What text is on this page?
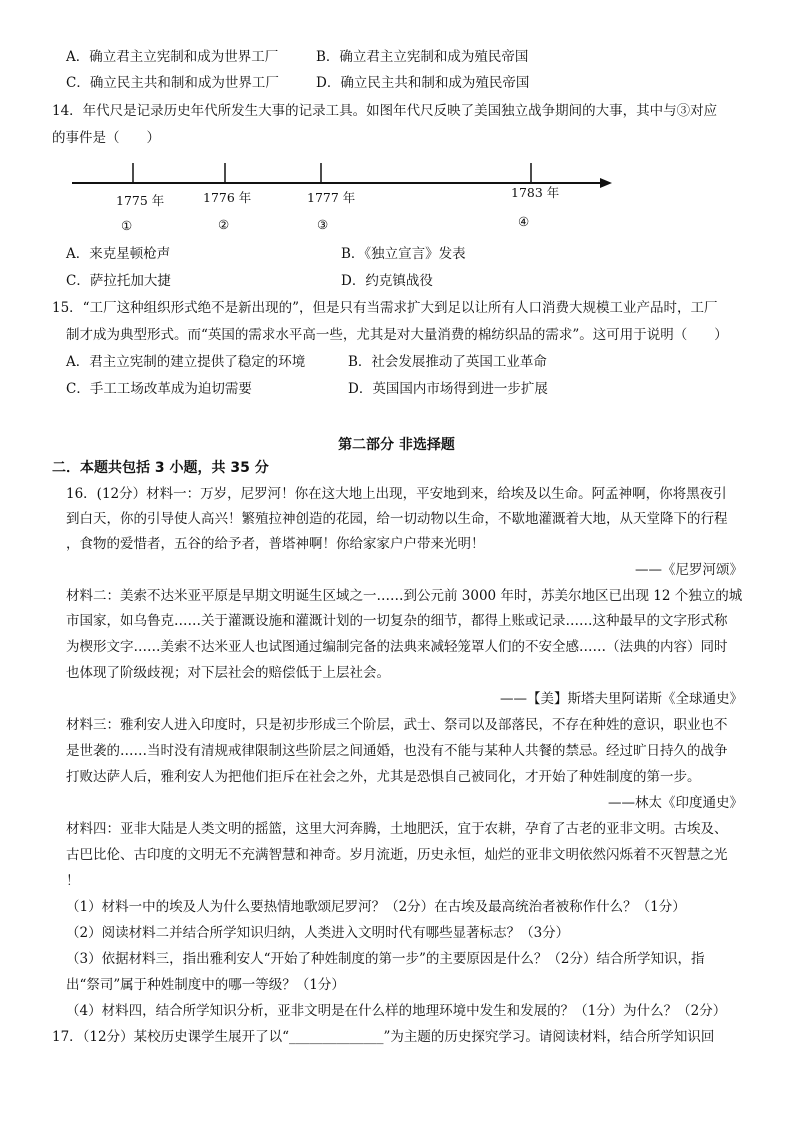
A．确立君主立宪制和成为世界工厂	B．确立君主立宪制和成为殖民帝国
C．确立民主共和制和成为世界工厂	D．确立民主共和制和成为殖民帝国
14．年代尺是记录历史年代所发生大事的记录工具。如图年代尺反映了美国独立战争期间的大事，其中与③对应
的事件是（　　）
1775 年	1776 年	1777 年	1783 年
①	②	③	④
A．来克星顿枪声	B．《独立宣言》发表
C．萨拉托加大捷	D．约克镇战役
15．“工厂这种组织形式绝不是新出现的”，但是只有当需求扩大到足以让所有人口消费大规模工业产品时，工厂
制才成为典型形式。而“英国的需求水平高一些，尤其是对大量消费的棉纺织品的需求”。这可用于说明（　　）
A．君主立宪制的建立提供了稳定的环境	B．社会发展推动了英国工业革命
C．手工工场改革成为迫切需要	D．英国国内市场得到进一步扩展
第二部分 非选择题
二．本题共包括 3 小题，共 35 分
16．(12分）材料一：万岁，尼罗河！你在这大地上出现，平安地到来，给埃及以生命。阿孟神啊，你将黑夜引
到白天，你的引导使人高兴！繁殖拉神创造的花园，给一切动物以生命，不歇地灌溉着大地，从天堂降下的行程
，食物的爱惜者，五谷的给予者，普塔神啊！你给家家户户带来光明！
——《尼罗河颂》
材料二：美索不达米亚平原是早期文明诞生区域之一……到公元前 3000 年时，苏美尔地区已出现 12 个独立的城
市国家，如乌鲁克……关于灌溉设施和灌溉计划的一切复杂的细节，都得上账或记录……这种最早的文字形式称
为楔形文字……美索不达米亚人也试图通过编制完备的法典来减轻笼罩人们的不安全感……（法典的内容）同时
也体现了阶级歧视；对下层社会的赔偿低于上层社会。
——【美】斯塔夫里阿诺斯《全球通史》
材料三：雅利安人进入印度时，只是初步形成三个阶层，武士、祭司以及部落民，不存在种姓的意识，职业也不
是世袭的……当时没有清规戒律限制这些阶层之间通婚，也没有不能与某种人共餐的禁忌。经过旷日持久的战争
打败达萨人后，雅利安人为把他们拒斥在社会之外，尤其是恐惧自己被同化，才开始了种姓制度的第一步。
——林太《印度通史》
材料四：亚非大陆是人类文明的摇篮，这里大河奔腾，土地肥沃，宜于农耕，孕育了古老的亚非文明。古埃及、
古巴比伦、古印度的文明无不充满智慧和神奇。岁月流逝，历史永恒，灿烂的亚非文明依然闪烁着不灭智慧之光
！
（1）材料一中的埃及人为什么要热情地歌颂尼罗河？（2分）在古埃及最高统治者被称作什么？（1分）
（2）阅读材料二并结合所学知识归纳，人类进入文明时代有哪些显著标志？（3分）
（3）依据材料三，指出雅利安人“开始了种姓制度的第一步”的主要原因是什么？（2分）结合所学知识，指
出“祭司”属于种姓制度中的哪一等级？（1分）
（4）材料四，结合所学知识分析，亚非文明是在什么样的地理环境中发生和发展的？（1分）为什么？（2分）
17．（12分）某校历史课学生展开了以“______________”为主题的历史探究学习。请阅读材料，结合所学知识回
